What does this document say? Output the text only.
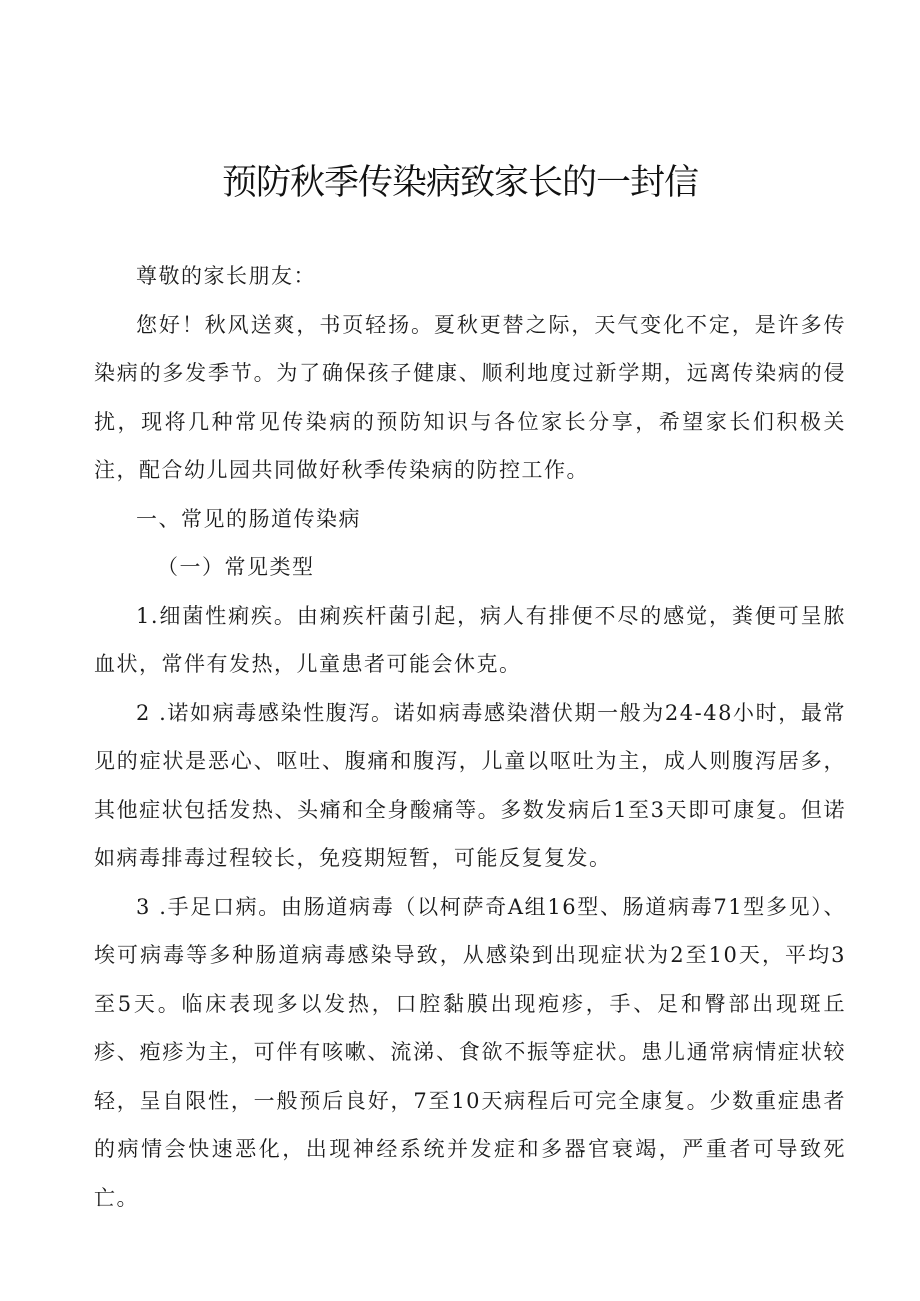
预防秋季传染病致家长的一封信

尊敬的家长朋友：

您好！秋风送爽，书页轻扬。夏秋更替之际，天气变化不定，是许多传染病的多发季节。为了确保孩子健康、顺利地度过新学期，远离传染病的侵扰，现将几种常见传染病的预防知识与各位家长分享，希望家长们积极关注，配合幼儿园共同做好秋季传染病的防控工作。

一、常见的肠道传染病

（一）常见类型

1.细菌性痢疾。由痢疾杆菌引起，病人有排便不尽的感觉，粪便可呈脓血状，常伴有发热，儿童患者可能会休克。

2 .诺如病毒感染性腹泻。诺如病毒感染潜伏期一般为24-48小时，最常见的症状是恶心、呕吐、腹痛和腹泻，儿童以呕吐为主，成人则腹泻居多，其他症状包括发热、头痛和全身酸痛等。多数发病后1至3天即可康复。但诺如病毒排毒过程较长，免疫期短暂，可能反复复发。

3 .手足口病。由肠道病毒（以柯萨奇A组16型、肠道病毒71型多见）、埃可病毒等多种肠道病毒感染导致，从感染到出现症状为2至10天，平均3至5天。临床表现多以发热，口腔黏膜出现疱疹，手、足和臀部出现斑丘疹、疱疹为主，可伴有咳嗽、流涕、食欲不振等症状。患儿通常病情症状较轻，呈自限性，一般预后良好，7至10天病程后可完全康复。少数重症患者的病情会快速恶化，出现神经系统并发症和多器官衰竭，严重者可导致死亡。
